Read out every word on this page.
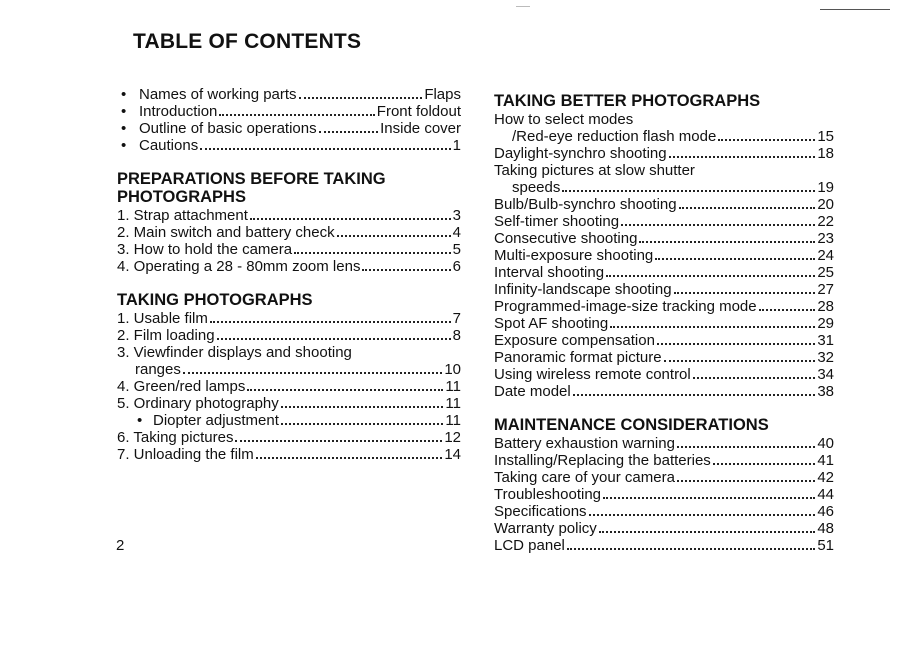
TABLE OF CONTENTS
• Names of working parts	Flaps
• Introduction	Front foldout
• Outline of basic operations	Inside cover
• Cautions	1
PREPARATIONS BEFORE TAKING
PHOTOGRAPHS
1. Strap attachment	3
2. Main switch and battery check	4
3. How to hold the camera	5
4. Operating a 28 - 80mm zoom lens	6
TAKING PHOTOGRAPHS
1. Usable film	7
2. Film loading	8
3. Viewfinder displays and shooting
ranges	10
4. Green/red lamps	11
5. Ordinary photography	11
• Diopter adjustment	11
6. Taking pictures	12
7. Unloading the film	14
2
TAKING BETTER PHOTOGRAPHS
How to select modes
/Red-eye reduction flash mode	15
Daylight-synchro shooting	18
Taking pictures at slow shutter
speeds	19
Bulb/Bulb-synchro shooting	20
Self-timer shooting	22
Consecutive shooting	23
Multi-exposure shooting	24
Interval shooting	25
Infinity-landscape shooting	27
Programmed-image-size tracking mode	28
Spot AF shooting	29
Exposure compensation	31
Panoramic format picture	32
Using wireless remote control	34
Date model	38
MAINTENANCE CONSIDERATIONS
Battery exhaustion warning	40
Installing/Replacing the batteries	41
Taking care of your camera	42
Troubleshooting	44
Specifications	46
Warranty policy	48
LCD panel	51
